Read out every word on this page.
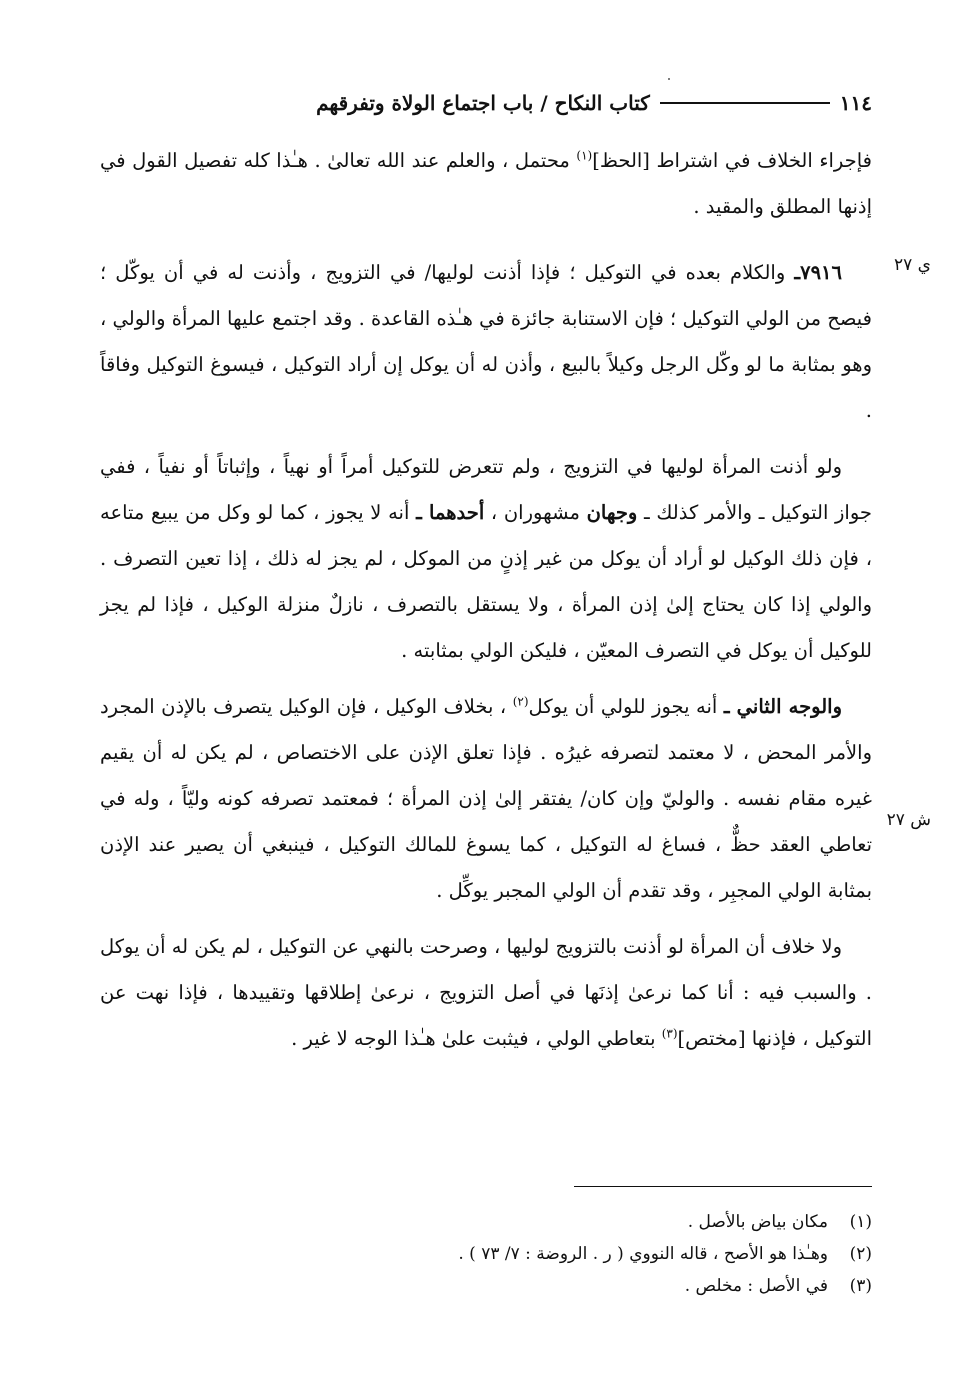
١١٤
كتاب النكاح / باب اجتماع الولاة وتفرقهم
ي ٢٧
ش ٢٧

فإجراء الخلاف في اشتراط [الحظ]$^{(١)}$ محتمل ، والعلم عند الله تعالىٰ . هـٰذا كله تفصيل القول في إذنها المطلق والمقيد .

٧٩١٦ـ والكلام بعده في التوكيل ؛ فإذا أذنت لوليها/ في التزويج ، وأذنت له في أن يوكّل ؛ فيصح من الولي التوكيل ؛ فإن الاستنابة جائزة في هـٰذه القاعدة . وقد اجتمع عليها المرأة والولي ، وهو بمثابة ما لو وكّل الرجل وكيلاً بالبيع ، وأذن له أن يوكل إن أراد التوكيل ، فيسوغ التوكيل وفاقاً .

ولو أذنت المرأة لوليها في التزويج ، ولم تتعرض للتوكيل أمراً أو نهياً ، وإثباتاً أو نفياً ، ففي جواز التوكيل ـ والأمر كذلك ـ وجهان مشهوران ، أحدهما ـ أنه لا يجوز ، كما لو وكل من يبيع متاعه ، فإن ذلك الوكيل لو أراد أن يوكل من غير إذنٍ من الموكل ، لم يجز له ذلك ، إذا تعين التصرف . والولي إذا كان يحتاج إلىٰ إذن المرأة ، ولا يستقل بالتصرف ، نازلٌ منزلة الوكيل ، فإذا لم يجز للوكيل أن يوكل في التصرف المعيّن ، فليكن الولي بمثابته .

والوجه الثاني ـ أنه يجوز للولي أن يوكل$^{(٢)}$ ، بخلاف الوكيل ، فإن الوكيل يتصرف بالإذن المجرد والأمر المحض ، لا معتمد لتصرفه غيرُه . فإذا تعلق الإذن على الاختصاص ، لم يكن له أن يقيم غيره مقام نفسه . والوليّ وإن كان/ يفتقر إلىٰ إذن المرأة ؛ فمعتمد تصرفه كونه وليّاً ، وله في تعاطي العقد حظٌّ ، فساغ له التوكيل ، كما يسوغ للمالك التوكيل ، فينبغي أن يصير عند الإذن بمثابة الولي المجبِر ، وقد تقدم أن الولي المجبر يوكِّل .

ولا خلاف أن المرأة لو أذنت بالتزويج لوليها ، وصرحت بالنهي عن التوكيل ، لم يكن له أن يوكل . والسبب فيه : أنا كما نرعىٰ إذنَها في أصل التزويج ، نرعىٰ إطلاقها وتقييدها ، فإذا نهت عن التوكيل ، فإذنها [مختص]$^{(٣)}$ بتعاطي الولي ، فيثبت علىٰ هـٰذا الوجه لا غير .

(١)مكان بياض بالأصل .
(٢)وهـٰذا هو الأصح ، قاله النووي ( ر . الروضة : ٧/ ٧٣ ) .
(٣)في الأصل : مخلص .
